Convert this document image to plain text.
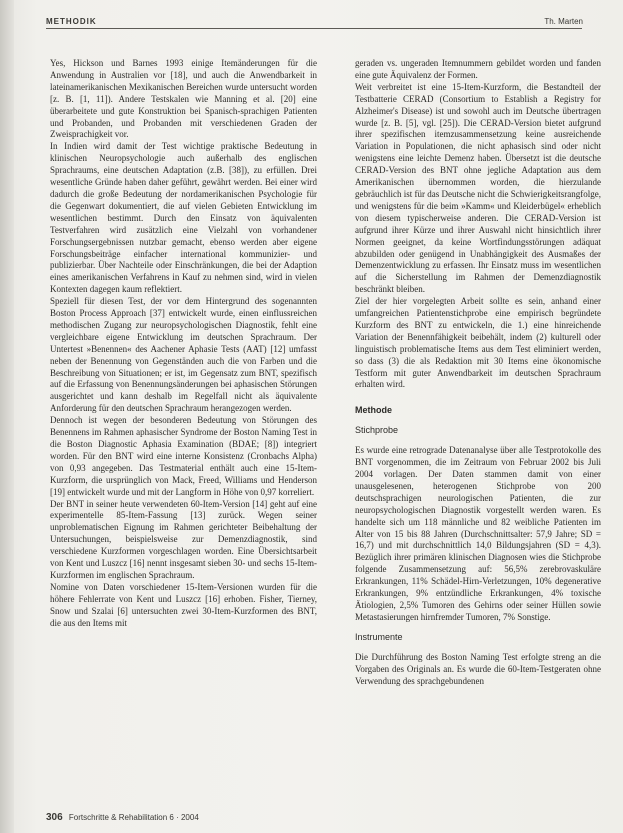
METHODIK	Th. Marten

Yes, Hickson und Barnes 1993 einige Itemänderungen für die Anwendung in Australien vor [18], und auch die Anwendbarkeit in lateinamerikanischen Mexikanischen Bereichen wurde untersucht worden [z. B. [1, 11]). Andere Testskalen wie Manning et al. [20] eine überarbeitete und gute Konstruktion bei Spanisch-sprachigen Patienten und Probanden, und Probanden mit verschiedenen Graden der Zweisprachigkeit vor.

In Indien wird damit der Test wichtige praktische Bedeutung in klinischen Neuropsychologie auch außerhalb des englischen Sprachraums, eine deutschen Adaptation (z.B. [38]), zu erfüllen. Drei wesentliche Gründe haben daher geführt, gewährt werden. Bei einer wird dadurch die große Bedeutung der nordamerikanischen Psychologie für die Gegenwart dokumentiert, die auf vielen Gebieten Entwicklung im wesentlichen bestimmt. Durch den Einsatz von äquivalenten Testverfahren wird zusätzlich eine Vielzahl von vorhandener Forschungsergebnissen nutzbar gemacht, ebenso werden aber eigene Forschungsbeiträge einfacher international kommunizier- und publizierbar. Über Nachteile oder Einschränkungen, die bei der Adaption eines amerikanischen Verfahrens in Kauf zu nehmen sind, wird in vielen Kontexten dagegen kaum reflektiert.

Speziell für diesen Test, der vor dem Hintergrund des sogenannten Boston Process Approach [37] entwickelt wurde, einen einflussreichen methodischen Zugang zur neuropsychologischen Diagnostik, fehlt eine vergleichbare eigene Entwicklung im deutschen Sprachraum. Der Untertest »Benennen« des Aachener Aphasie Tests (AAT) [12] umfasst neben der Benennung von Gegenständen auch die von Farben und die Beschreibung von Situationen; er ist, im Gegensatz zum BNT, spezifisch auf die Erfassung von Benennungsänderungen bei aphasischen Störungen ausgerichtet und kann deshalb im Regelfall nicht als äquivalente Anforderung für den deutschen Sprachraum herangezogen werden.

Dennoch ist wegen der besonderen Bedeutung von Störungen des Benennens im Rahmen aphasischer Syndrome der Boston Naming Test in die Boston Diagnostic Aphasia Examination (BDAE; [8]) integriert worden. Für den BNT wird eine interne Konsistenz (Cronbachs Alpha) von 0,93 angegeben. Das Testmaterial enthält auch eine 15-Item-Kurzform, die ursprünglich von Mack, Freed, Williams und Henderson [19] entwickelt wurde und mit der Langform in Höhe von 0,97 korreliert.

Der BNT in seiner heute verwendeten 60-Item-Version [14] geht auf eine experimentelle 85-Item-Fassung [13] zurück. Wegen seiner unproblematischen Eignung im Rahmen gerichteter Beibehaltung der Untersuchungen, beispielsweise zur Demenzdiagnostik, sind verschiedene Kurzformen vorgeschlagen worden. Eine Übersichtsarbeit von Kent und Luszcz [16] nennt insgesamt sieben 30- und sechs 15-Item-Kurzformen im englischen Sprachraum.

Nomine von Daten vorschiedener 15-Item-Versionen wurden für die höhere Fehlerrate von Kent und Luszcz [16] erhoben. Fisher, Tierney, Snow und Szalai [6] untersuchten zwei 30-Item-Kurzformen des BNT, die aus den Items mit

geraden vs. ungeraden Itemnummern gebildet worden und fanden eine gute Äquivalenz der Formen.

Weit verbreitet ist eine 15-Item-Kurzform, die Bestandteil der Testbatterie CERAD (Consortium to Establish a Registry for Alzheimer's Disease) ist und sowohl auch im Deutsche übertragen wurde [z. B. [5], vgl. [25]). Die CERAD-Version bietet aufgrund ihrer spezifischen itemzusammensetzung keine ausreichende Variation in Populationen, die nicht aphasisch sind oder nicht wenigstens eine leichte Demenz haben. Übersetzt ist die deutsche CERAD-Version des BNT ohne jegliche Adaptation aus dem Amerikanischen übernommen worden, die hierzulande gebräuchlich ist für das Deutsche nicht die Schwierigkeitsrangfolge, und wenigstens für die beim »Kamm« und Kleiderbügel« erheblich von diesem typischerweise anderen. Die CERAD-Version ist aufgrund ihrer Kürze und ihrer Auswahl nicht hinsichtlich ihrer Normen geeignet, da keine Wortfindungsstörungen adäquat abzubilden oder genügend in Unabhängigkeit des Ausmaßes der Demenzentwicklung zu erfassen. Ihr Einsatz muss im wesentlichen auf die Sicherstellung im Rahmen der Demenzdiagnostik beschränkt bleiben.

Ziel der hier vorgelegten Arbeit sollte es sein, anhand einer umfangreichen Patientenstichprobe eine empirisch begründete Kurzform des BNT zu entwickeln, die 1.) eine hinreichende Variation der Benennfähigkeit beibehält, indem (2) kulturell oder linguistisch problematische Items aus dem Test eliminiert werden, so dass (3) die als Redaktion mit 30 Items eine ökonomische Testform mit guter Anwendbarkeit im deutschen Sprachraum erhalten wird.

Methode
Stichprobe

Es wurde eine retrograde Datenanalyse über alle Testprotokolle des BNT vorgenommen, die im Zeitraum von Februar 2002 bis Juli 2004 vorlagen. Der Daten stammen damit von einer unausgelesenen, heterogenen Stichprobe von 200 deutschsprachigen neurologischen Patienten, die zur neuropsychologischen Diagnostik vorgestellt werden waren. Es handelte sich um 118 männliche und 82 weibliche Patienten im Alter von 15 bis 88 Jahren (Durchschnittsalter: 57,9 Jahre; SD = 16,7) und mit durchschnittlich 14,0 Bildungsjahren (SD = 4,3). Bezüglich ihrer primären klinischen Diagnosen wies die Stichprobe folgende Zusammensetzung auf: 56,5% zerebrovaskuläre Erkrankungen, 11% Schädel-Hirn-Verletzungen, 10% degenerative Erkrankungen, 9% entzündliche Erkrankungen, 4% toxische Ätiologien, 2,5% Tumoren des Gehirns oder seiner Hüllen sowie Metastasierungen hirnfremder Tumoren, 7% Sonstige.

Instrumente

Die Durchführung des Boston Naming Test erfolgte streng an die Vorgaben des Originals an. Es wurde die 60-Item-Testgeraten ohne Verwendung des sprachgebundenen

306 Fortschritte & Rehabilitation 6 · 2004
